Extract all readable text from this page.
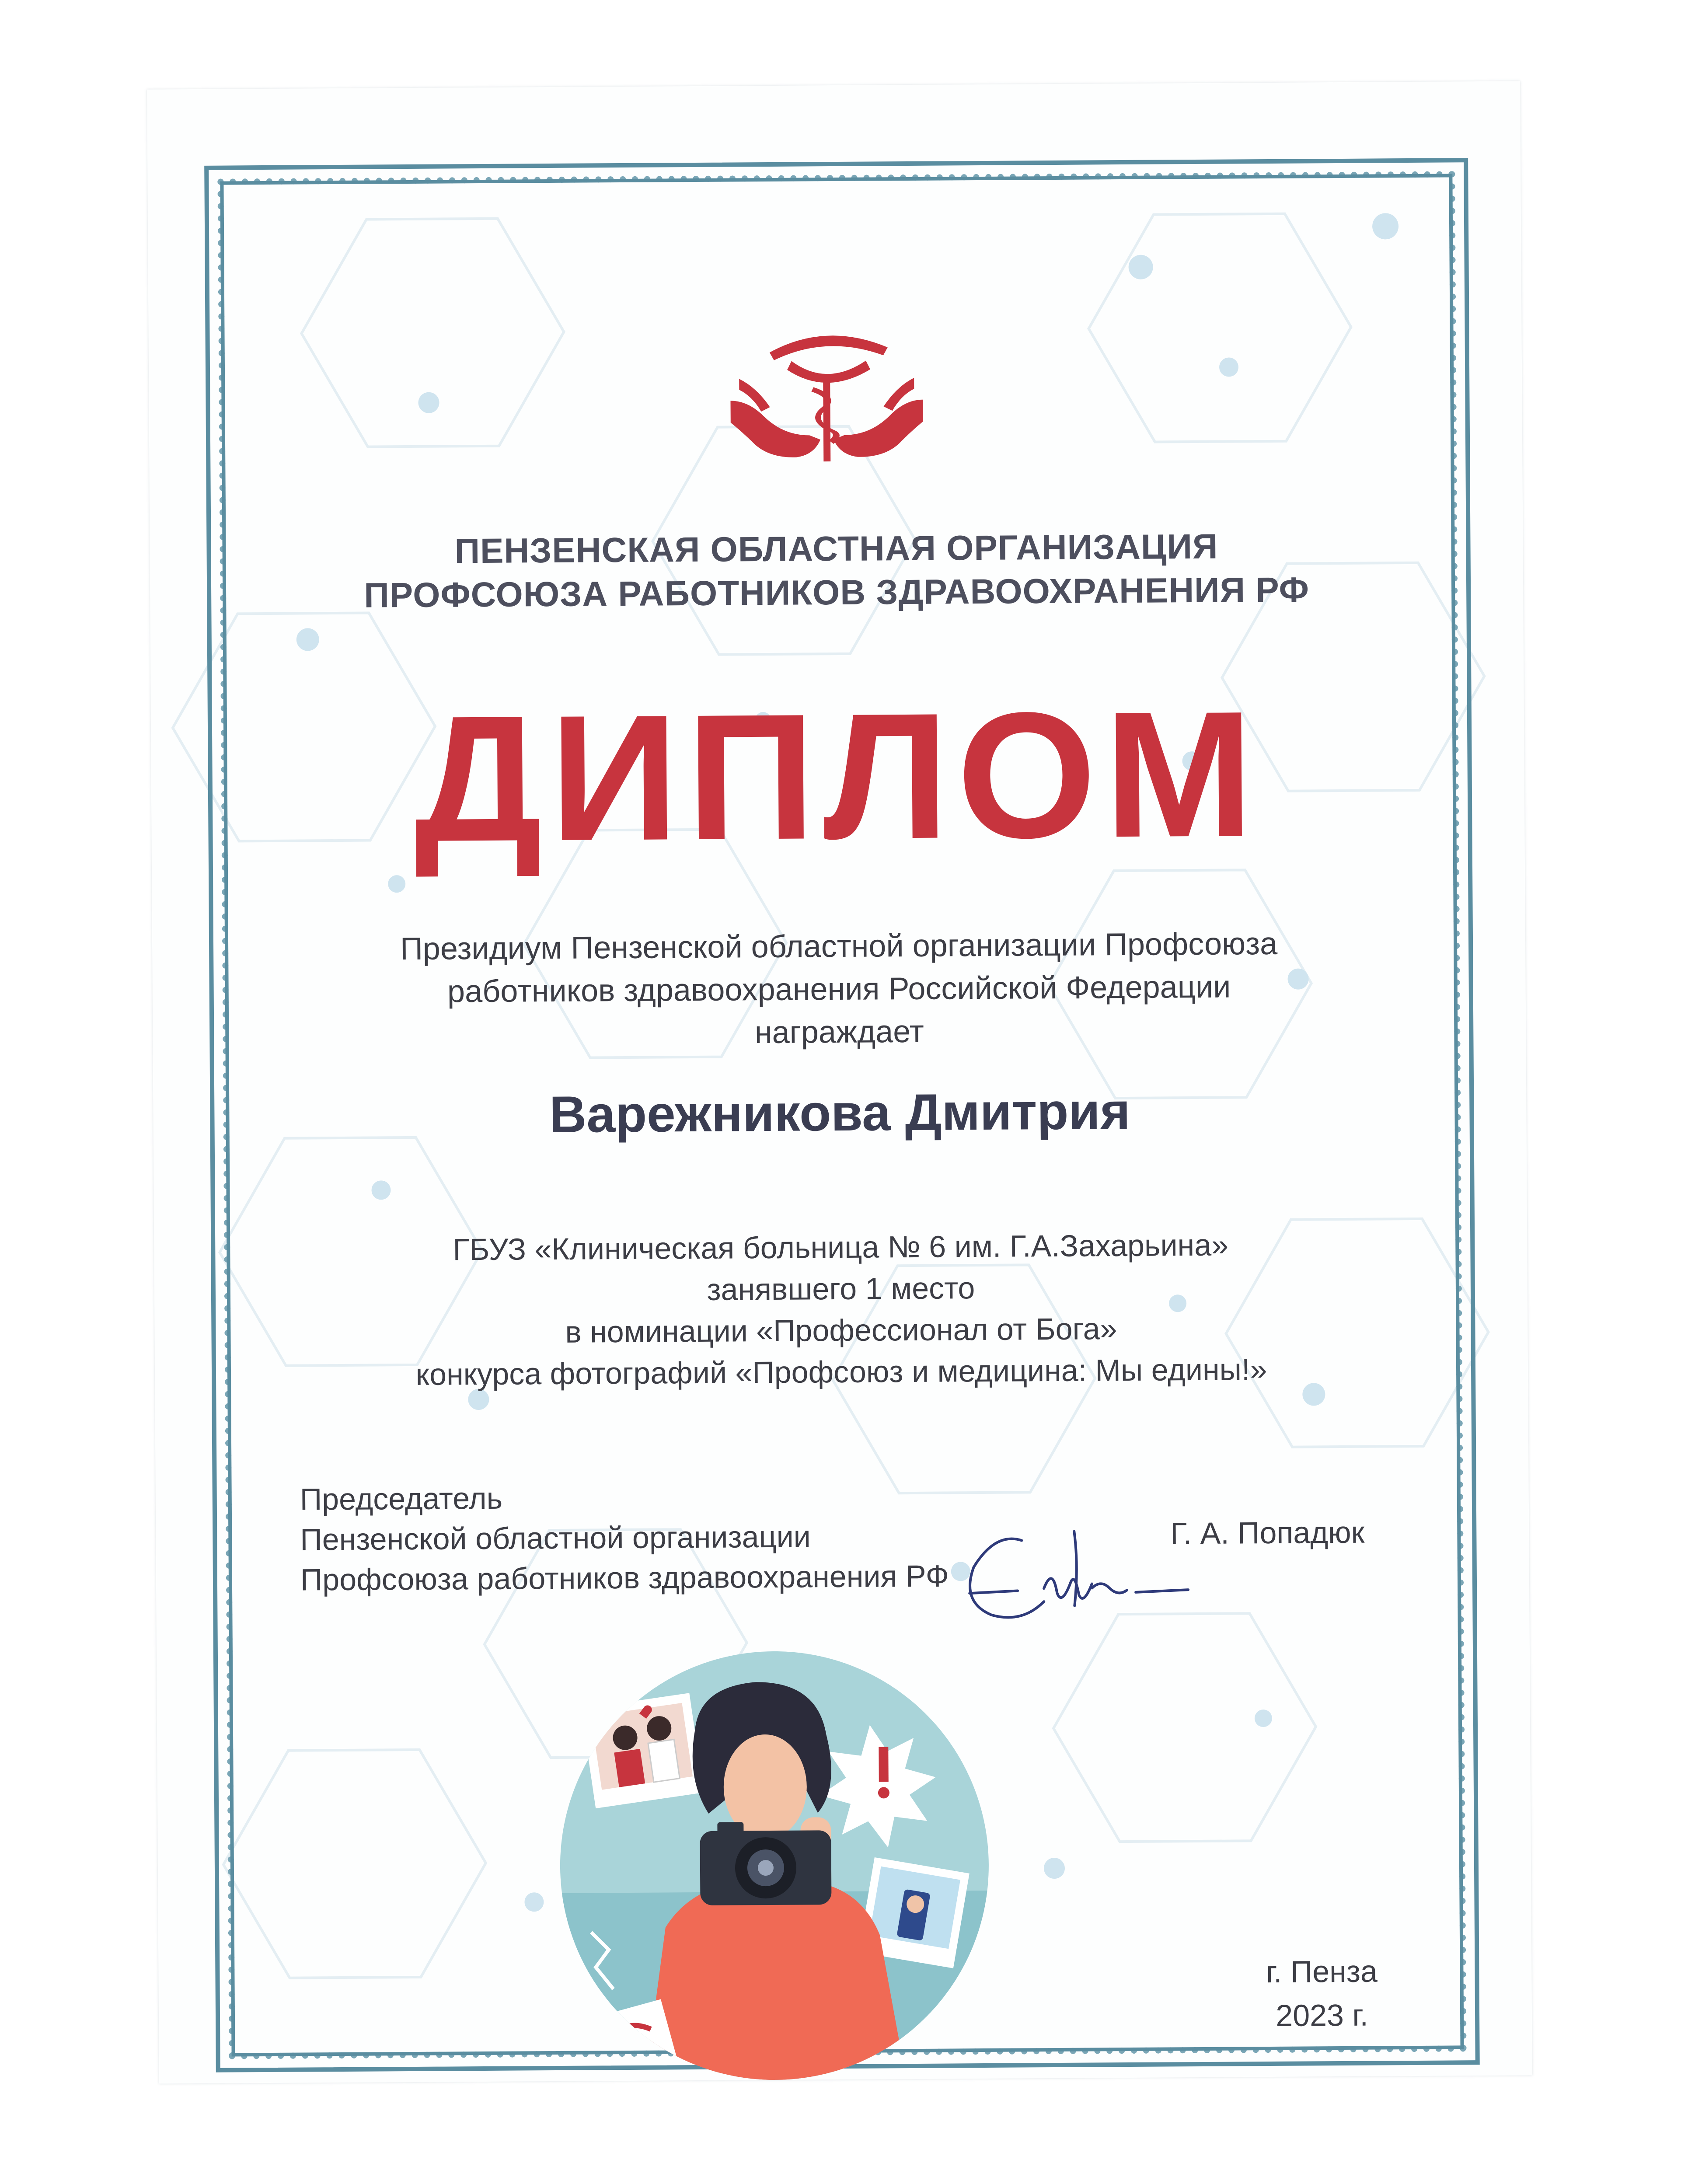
ПЕНЗЕНСКАЯ ОБЛАСТНАЯ ОРГАНИЗАЦИЯ
ПРОФСОЮЗА РАБОТНИКОВ ЗДРАВООХРАНЕНИЯ РФ
ДИПЛОМ
Президиум Пензенской областной организации Профсоюза
работников здравоохранения Российской Федерации
награждает
Варежникова Дмитрия
ГБУЗ «Клиническая больница № 6 им. Г.А.Захарьина»
занявшего 1 место
в номинации «Профессионал от Бога»
конкурса фотографий «Профсоюз и медицина: Мы едины!»
Председатель
Пензенской областной организации
Профсоюза работников здравоохранения РФ
Г. А. Попадюк
г. Пенза
2023 г.
